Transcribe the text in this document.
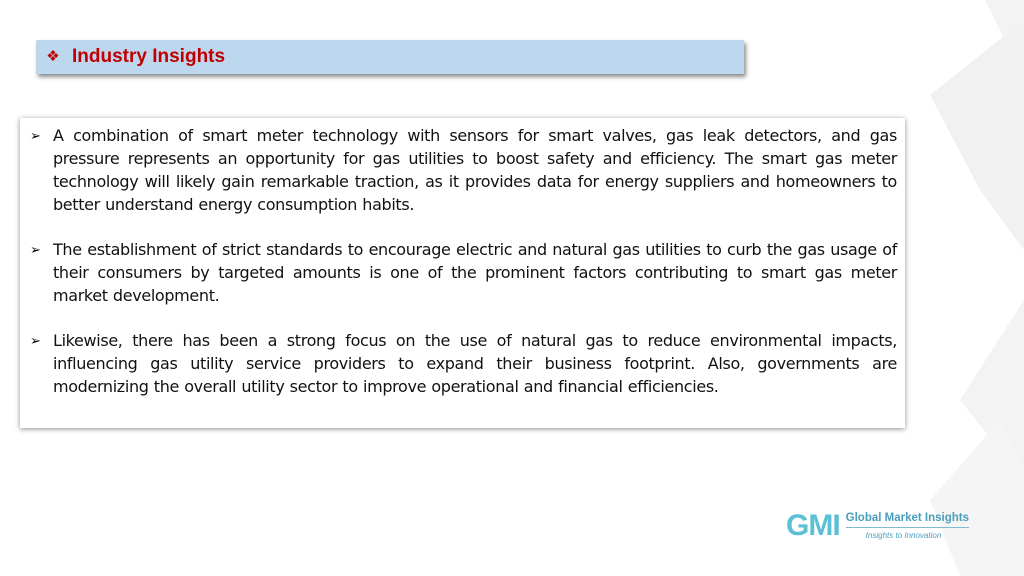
❖ Industry Insights
➢ A combination of smart meter technology with sensors for smart valves, gas leak detectors, and gas pressure represents an opportunity for gas utilities to boost safety and efficiency. The smart gas meter technology will likely gain remarkable traction, as it provides data for energy suppliers and homeowners to better understand energy consumption habits.
➢ The establishment of strict standards to encourage electric and natural gas utilities to curb the gas usage of their consumers by targeted amounts is one of the prominent factors contributing to smart gas meter market development.
➢ Likewise, there has been a strong focus on the use of natural gas to reduce environmental impacts, influencing gas utility service providers to expand their business footprint. Also, governments are modernizing the overall utility sector to improve operational and financial efficiencies.
GMI Global Market Insights
Insights to Innovation
